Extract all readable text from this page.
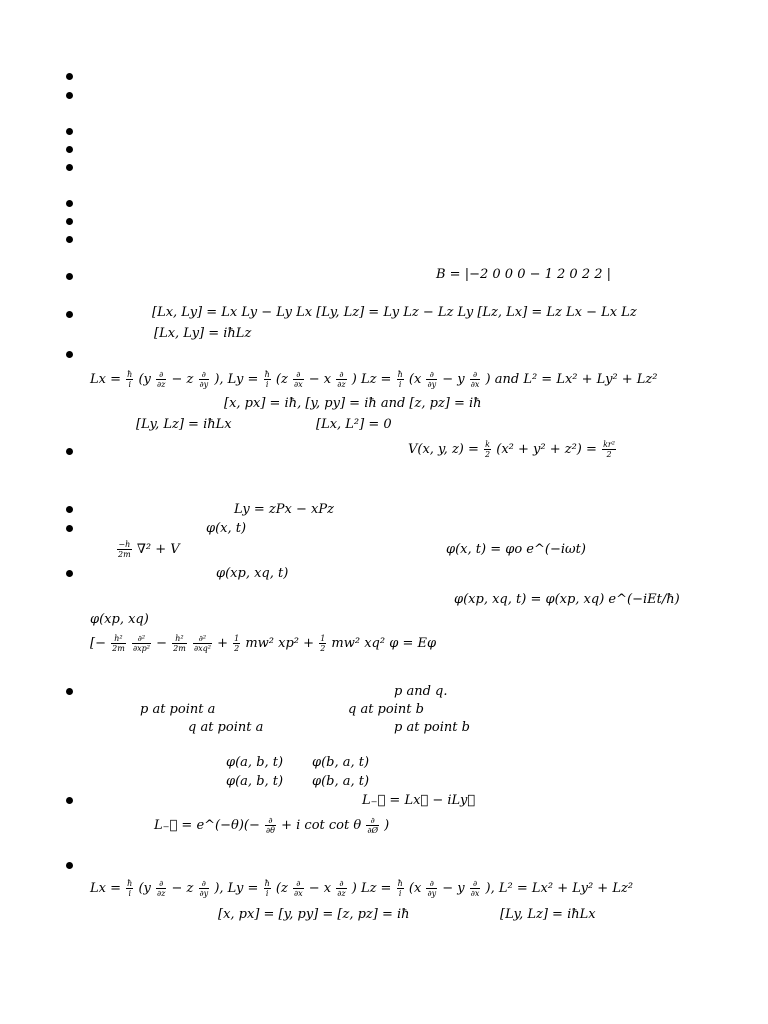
B = |−2 0 0 0 − 1 2 0 2 2 |
[Lx, Ly] = Lx Ly − Ly Lx [Ly, Lz] = Ly Lz − Lz Ly [Lz, Lx] = Lz Lx − Lx Lz
[Lx, Ly] = iħLz
$Lx = \frac{ħ}{i} (y \frac{\partial}{\partial z} - z \frac{\partial}{\partial y}$ ), $Ly = \frac{ħ}{i} (z \frac{\partial}{\partial x} - x \frac{\partial}{\partial z}$ ) $Lz = \frac{ħ}{i} (x \frac{\partial}{\partial y} - y \frac{\partial}{\partial x}$ ) and L² = Lx² + Ly² + Lz²
[x, px] = iħ, [y, py] = iħ and [z, pz] = iħ
[Ly, Lz] = iħLx	[Lx, L²] = 0
V(x, y, $z) = \frac{k}{2} (x^2 + y^2 + z^2) = \frac{\text{kr²}}{2}$
Ly = zPx − xPz
φ(x, t)
$\frac{-h}{2m} \nabla^2 + V$	φ(x, t) = φo e^(−iωt)
φ(xp, xq, t)
φ(xp, xq, t) = φ(xp, xq) e^(−iEt/ħ)
φ(xp, xq)
[− $\frac{\text{h²}}{2m}$
$\frac{\text{∂²}}{\text{∂xp²}} - \frac{\text{h²}}{2m}$
$\frac{\text{∂²}}{\text{∂xq²}} + \frac{1}{2} mw^2$ $xp^2 + \frac{1}{2} mw^2$ xq² φ = Eφ
p and q.
p at point a	q at point b
q at point a	p at point b
φ(a, b, t) φ(b, a, t)
φ(a, b, t) φ(b, a, t)
L₋⃗ = Lx⃗ − iLy⃗
L₋⃗ = e^(−θ)(− $\frac{\partial}{\partial\theta} + i$ cot cot θ $\frac{\partial}{\partial Ø}$ )
$Lx = \frac{ħ}{i} (y \frac{\partial}{\partial z} - z \frac{\partial}{\partial y}$ ), $Ly = \frac{ħ}{i} (z \frac{\partial}{\partial x} - x \frac{\partial}{\partial z}$ ) $Lz = \frac{ħ}{i} (x \frac{\partial}{\partial y} - y \frac{\partial}{\partial x}$ ), L² = Lx² + Ly² + Lz²
[x, px] = [y, py] = [z, pz] = iħ	[Ly, Lz] = iħLx
